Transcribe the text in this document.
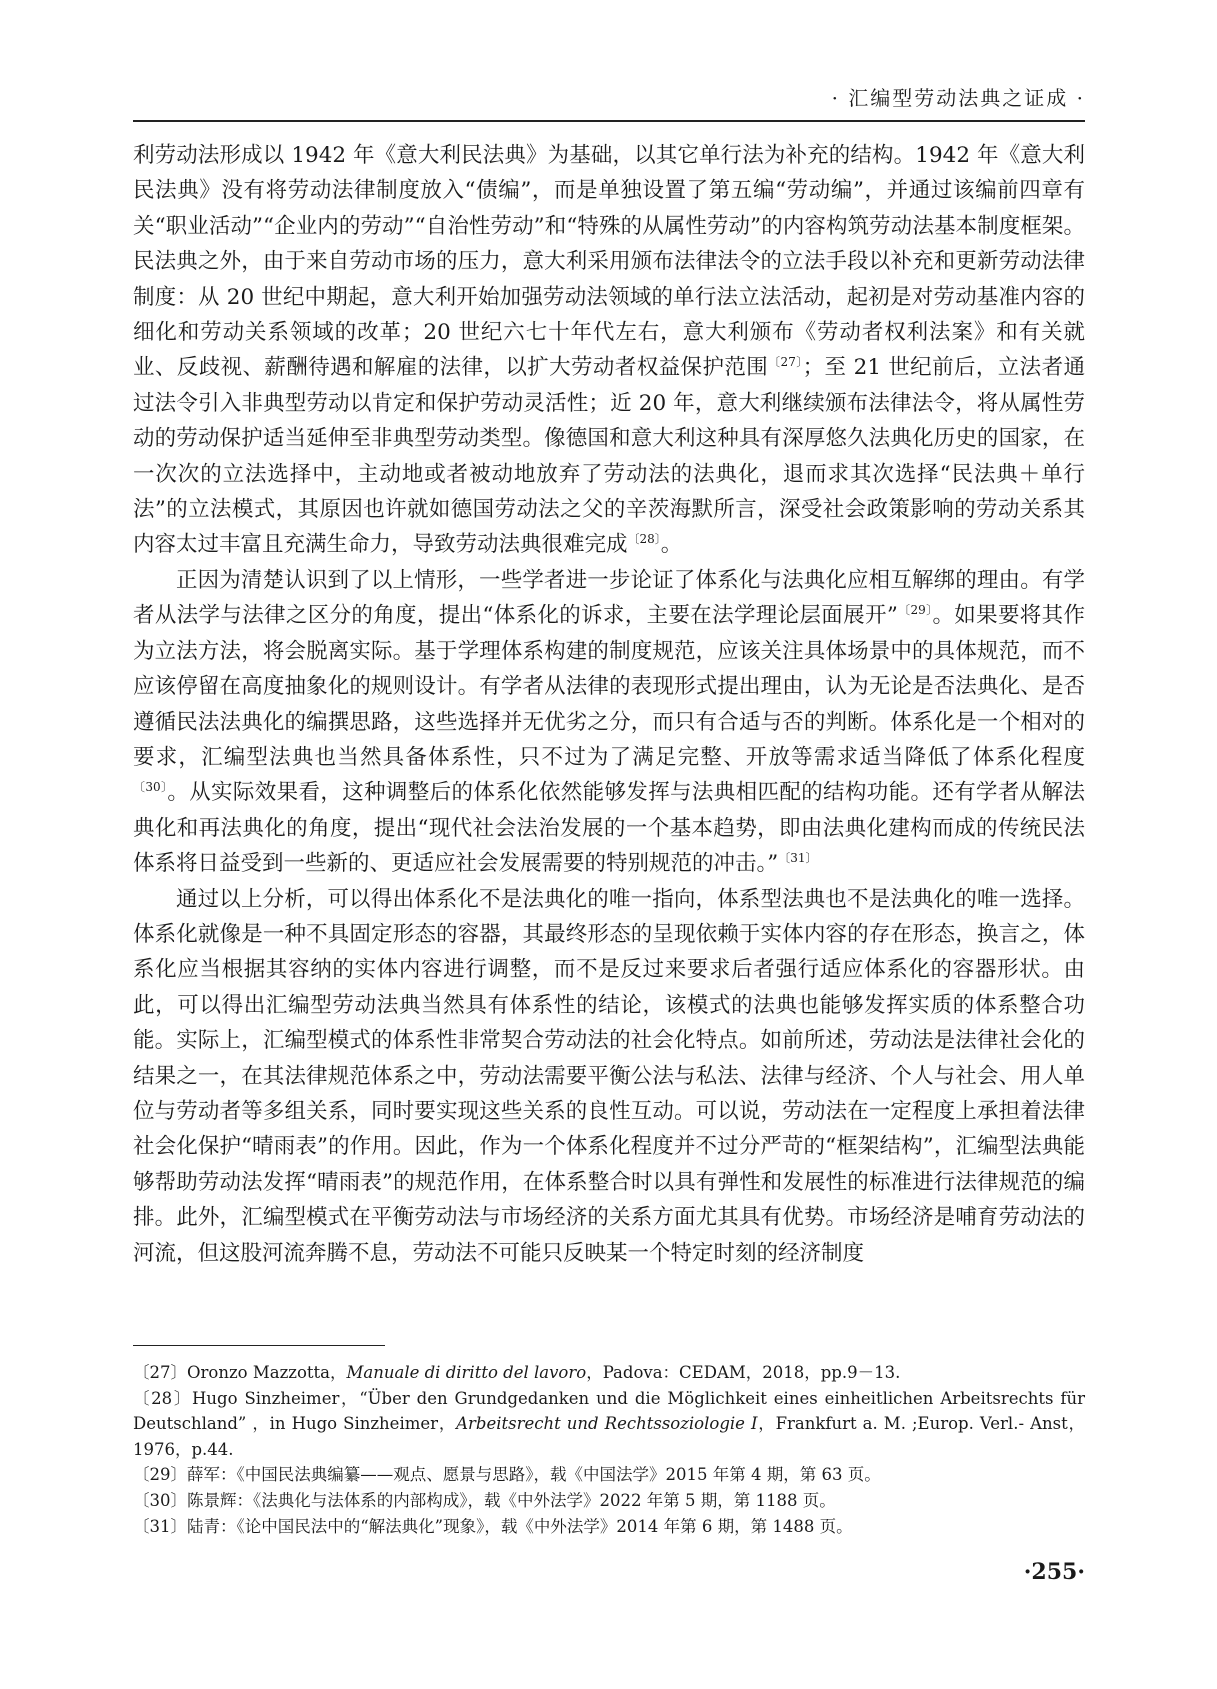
· 汇编型劳动法典之证成 ·

利劳动法形成以 1942 年《意大利民法典》为基础，以其它单行法为补充的结构。1942 年《意大利民法典》没有将劳动法律制度放入“债编”，而是单独设置了第五编“劳动编”，并通过该编前四章有关“职业活动”“企业内的劳动”“自治性劳动”和“特殊的从属性劳动”的内容构筑劳动法基本制度框架。民法典之外，由于来自劳动市场的压力，意大利采用颁布法律法令的立法手段以补充和更新劳动法律制度：从 20 世纪中期起，意大利开始加强劳动法领域的单行法立法活动，起初是对劳动基准内容的细化和劳动关系领域的改革；20 世纪六七十年代左右，意大利颁布《劳动者权利法案》和有关就业、反歧视、薪酬待遇和解雇的法律，以扩大劳动者权益保护范围$^{〔27〕}$；至 21 世纪前后，立法者通过法令引入非典型劳动以肯定和保护劳动灵活性；近 20 年，意大利继续颁布法律法令，将从属性劳动的劳动保护适当延伸至非典型劳动类型。像德国和意大利这种具有深厚悠久法典化历史的国家，在一次次的立法选择中，主动地或者被动地放弃了劳动法的法典化，退而求其次选择“民法典＋单行法”的立法模式，其原因也许就如德国劳动法之父的辛茨海默所言，深受社会政策影响的劳动关系其内容太过丰富且充满生命力，导致劳动法典很难完成$^{〔28〕}$。

正因为清楚认识到了以上情形，一些学者进一步论证了体系化与法典化应相互解绑的理由。有学者从法学与法律之区分的角度，提出“体系化的诉求，主要在法学理论层面展开”$^{〔29〕}$。如果要将其作为立法方法，将会脱离实际。基于学理体系构建的制度规范，应该关注具体场景中的具体规范，而不应该停留在高度抽象化的规则设计。有学者从法律的表现形式提出理由，认为无论是否法典化、是否遵循民法法典化的编撰思路，这些选择并无优劣之分，而只有合适与否的判断。体系化是一个相对的要求，汇编型法典也当然具备体系性，只不过为了满足完整、开放等需求适当降低了体系化程度$^{〔30〕}$。从实际效果看，这种调整后的体系化依然能够发挥与法典相匹配的结构功能。还有学者从解法典化和再法典化的角度，提出“现代社会法治发展的一个基本趋势，即由法典化建构而成的传统民法体系将日益受到一些新的、更适应社会发展需要的特别规范的冲击。”$^{〔31〕}$

通过以上分析，可以得出体系化不是法典化的唯一指向，体系型法典也不是法典化的唯一选择。体系化就像是一种不具固定形态的容器，其最终形态的呈现依赖于实体内容的存在形态，换言之，体系化应当根据其容纳的实体内容进行调整，而不是反过来要求后者强行适应体系化的容器形状。由此，可以得出汇编型劳动法典当然具有体系性的结论，该模式的法典也能够发挥实质的体系整合功能。实际上，汇编型模式的体系性非常契合劳动法的社会化特点。如前所述，劳动法是法律社会化的结果之一，在其法律规范体系之中，劳动法需要平衡公法与私法、法律与经济、个人与社会、用人单位与劳动者等多组关系，同时要实现这些关系的良性互动。可以说，劳动法在一定程度上承担着法律社会化保护“晴雨表”的作用。因此，作为一个体系化程度并不过分严苛的“框架结构”，汇编型法典能够帮助劳动法发挥“晴雨表”的规范作用，在体系整合时以具有弹性和发展性的标准进行法律规范的编排。此外，汇编型模式在平衡劳动法与市场经济的关系方面尤其具有优势。市场经济是哺育劳动法的河流，但这股河流奔腾不息，劳动法不可能只反映某一个特定时刻的经济制度

〔27〕Oronzo Mazzotta，Manuale di diritto del lavoro，Padova：CEDAM，2018，pp.9－13.

〔28〕Hugo Sinzheimer，“Über den Grundgedanken und die Möglichkeit eines einheitlichen Arbeitsrechts für Deutschland” ，in Hugo Sinzheimer，Arbeitsrecht und Rechtssoziologie I，Frankfurt a. M. ;Europ. Verl.- Anst，1976，p.44.

〔29〕薛军：《中国民法典编纂——观点、愿景与思路》，载《中国法学》2015 年第 4 期，第 63 页。

〔30〕陈景辉：《法典化与法体系的内部构成》，载《中外法学》2022 年第 5 期，第 1188 页。

〔31〕陆青：《论中国民法中的“解法典化”现象》，载《中外法学》2014 年第 6 期，第 1488 页。

·255·
